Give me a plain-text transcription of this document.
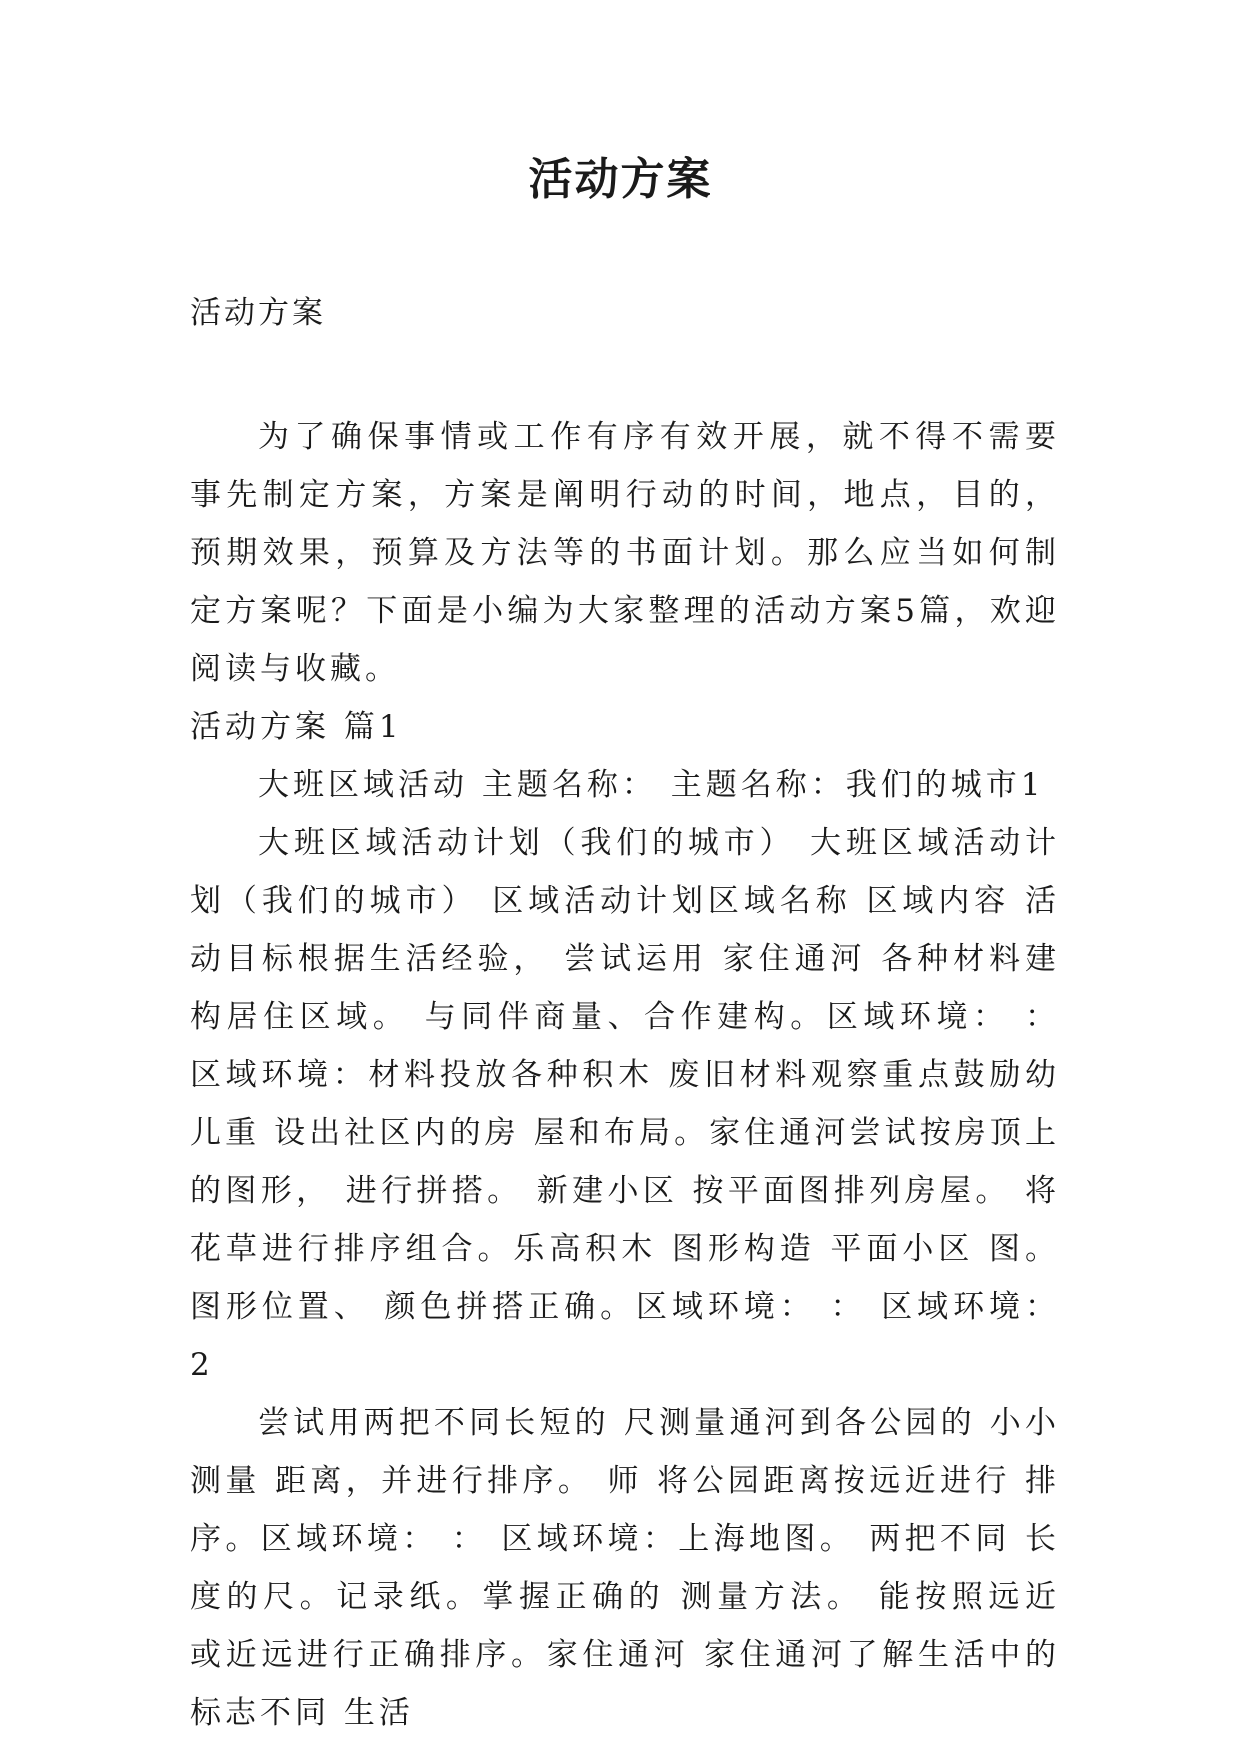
活动方案
活动方案

为了确保事情或工作有序有效开展，就不得不需要事先制定方案，方案是阐明行动的时间，地点，目的，预期效果，预算及方法等的书面计划。那么应当如何制定方案呢？下面是小编为大家整理的活动方案5篇，欢迎阅读与收藏。

活动方案 篇1

大班区域活动 主题名称： 主题名称：我们的城市1

大班区域活动计划（我们的城市） 大班区域活动计划（我们的城市） 区域活动计划区域名称 区域内容 活动目标根据生活经验， 尝试运用 家住通河 各种材料建构居住区域。 与同伴商量、合作建构。区域环境： ： 区域环境：材料投放各种积木 废旧材料观察重点鼓励幼儿重 设出社区内的房 屋和布局。家住通河尝试按房顶上的图形， 进行拼搭。 新建小区 按平面图排列房屋。 将花草进行排序组合。乐高积木 图形构造 平面小区 图。图形位置、 颜色拼搭正确。区域环境： ： 区域环境：2

尝试用两把不同长短的 尺测量通河到各公园的 小小测量 距离，并进行排序。 师 将公园距离按远近进行 排序。区域环境： ： 区域环境：上海地图。 两把不同 长度的尺。记录纸。掌握正确的 测量方法。 能按照远近 或近远进行正确排序。家住通河 家住通河了解生活中的标志不同 生活
